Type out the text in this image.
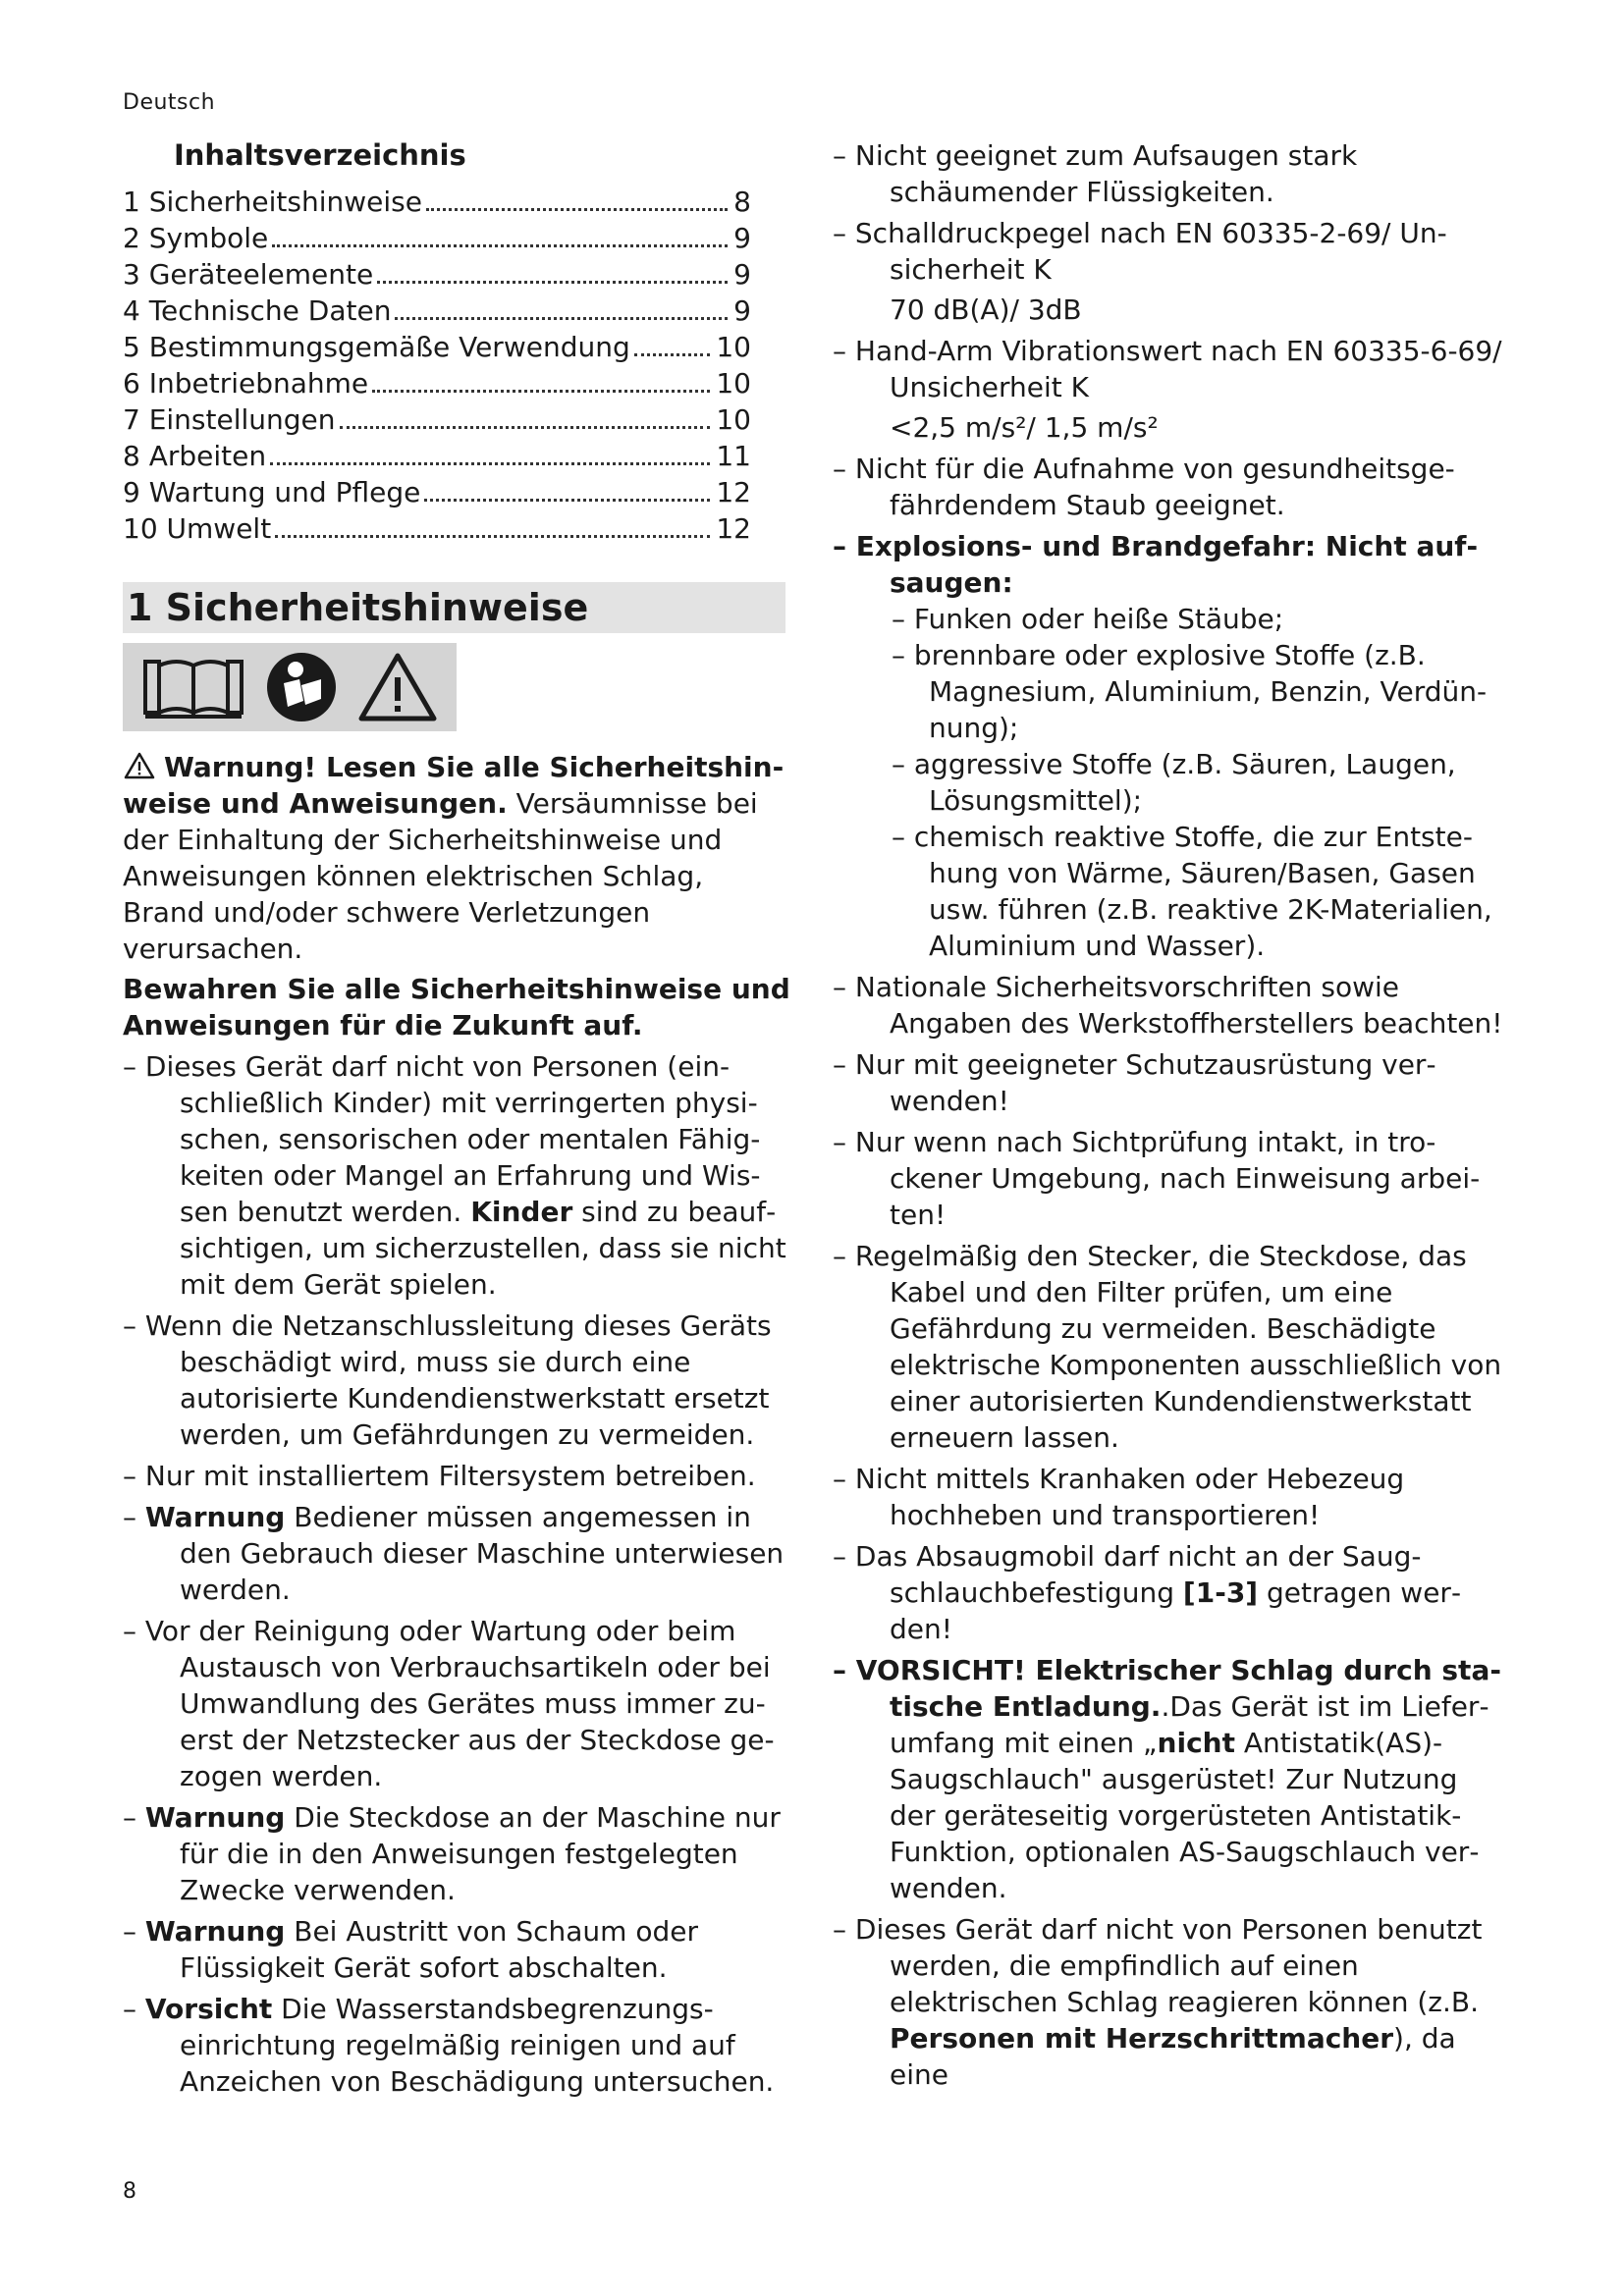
Deutsch
Inhaltsverzeichnis
1 Sicherheitshinweise	8
2 Symbole	9
3 Geräteelemente	9
4 Technische Daten	9
5 Bestimmungsgemäße Verwendung	10
6 Inbetriebnahme	10
7 Einstellungen	10
8 Arbeiten	11
9 Wartung und Pflege	12
10 Umwelt	12
1 Sicherheitshinweise
Warnung! Lesen Sie alle Sicherheitshinweise und Anweisungen. Versäumnisse bei der Einhaltung der Sicherheitshinweise und Anweisungen können elektrischen Schlag, Brand und/oder schwere Verletzungen verursachen.
Bewahren Sie alle Sicherheitshinweise und Anweisungen für die Zukunft auf.
– Dieses Gerät darf nicht von Personen (einschließlich Kinder) mit verringerten physischen, sensorischen oder mentalen Fähigkeiten oder Mangel an Erfahrung und Wissen benutzt werden. Kinder sind zu beaufsichtigen, um sicherzustellen, dass sie nicht mit dem Gerät spielen.
– Wenn die Netzanschlussleitung dieses Geräts beschädigt wird, muss sie durch eine autorisierte Kundendienstwerkstatt ersetzt werden, um Gefährdungen zu vermeiden.
– Nur mit installiertem Filtersystem betreiben.
– Warnung Bediener müssen angemessen in den Gebrauch dieser Maschine unterwiesen werden.
– Vor der Reinigung oder Wartung oder beim Austausch von Verbrauchsartikeln oder bei Umwandlung des Gerätes muss immer zuerst der Netzstecker aus der Steckdose gezogen werden.
– Warnung Die Steckdose an der Maschine nur für die in den Anweisungen festgelegten Zwecke verwenden.
– Warnung Bei Austritt von Schaum oder Flüssigkeit Gerät sofort abschalten.
– Vorsicht Die Wasserstandsbegrenzungseinrichtung regelmäßig reinigen und auf Anzeichen von Beschädigung untersuchen.
– Nicht geeignet zum Aufsaugen stark schäumender Flüssigkeiten.
– Schalldruckpegel nach EN 60335-2-69/ Unsicherheit K
70 dB(A)/ 3dB
– Hand-Arm Vibrationswert nach EN 60335-6-69/ Unsicherheit K
<2,5 m/s²/ 1,5 m/s²
– Nicht für die Aufnahme von gesundheitsgefährdendem Staub geeignet.
– Explosions- und Brandgefahr: Nicht aufsaugen:
– Funken oder heiße Stäube;
– brennbare oder explosive Stoffe (z.B. Magnesium, Aluminium, Benzin, Verdünnung);
– aggressive Stoffe (z.B. Säuren, Laugen, Lösungsmittel);
– chemisch reaktive Stoffe, die zur Entstehung von Wärme, Säuren/Basen, Gasen usw. führen (z.B. reaktive 2K-Materialien, Aluminium und Wasser).
– Nationale Sicherheitsvorschriften sowie Angaben des Werkstoffherstellers beachten!
– Nur mit geeigneter Schutzausrüstung verwenden!
– Nur wenn nach Sichtprüfung intakt, in trockener Umgebung, nach Einweisung arbeiten!
– Regelmäßig den Stecker, die Steckdose, das Kabel und den Filter prüfen, um eine Gefährdung zu vermeiden. Beschädigte elektrische Komponenten ausschließlich von einer autorisierten Kundendienstwerkstatt erneuern lassen.
– Nicht mittels Kranhaken oder Hebezeug hochheben und transportieren!
– Das Absaugmobil darf nicht an der Saugschlauchbefestigung [1-3] getragen werden!
– VORSICHT! Elektrischer Schlag durch statische Entladung..Das Gerät ist im Lieferumfang mit einen „nicht Antistatik(AS)-Saugschlauch" ausgerüstet! Zur Nutzung der geräteseitig vorgerüsteten Antistatik-Funktion, optionalen AS-Saugschlauch verwenden.
– Dieses Gerät darf nicht von Personen benutzt werden, die empfindlich auf einen elektrischen Schlag reagieren können (z.B. Personen mit Herzschrittmacher), da eine
8
